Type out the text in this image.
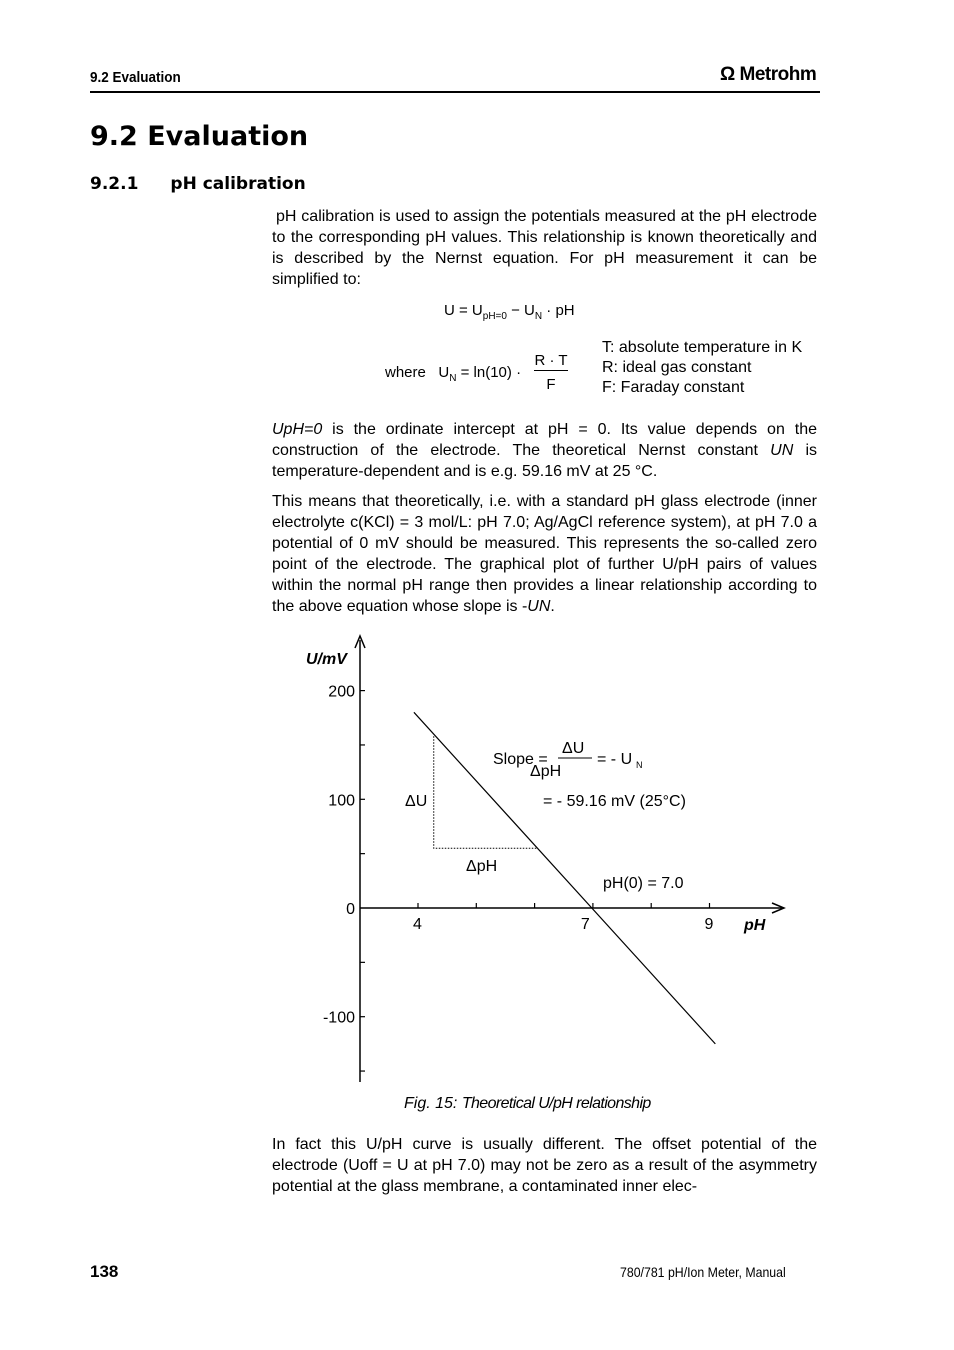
9.2 Evaluation	Ω Metrohm
9.2 Evaluation
9.2.1 pH calibration
pH calibration is used to assign the potentials measured at the pH electrode to the corresponding pH values. This relationship is known theoretically and is described by the Nernst equation. For pH measurement it can be simplified to:
$U = U_{pH=0} - U_N$ · pH
where $U_N = \ln(10)$ ·
R · T
F
T: absolute temperature in K
R: ideal gas constant
F: Faraday constant
UpH=0 is the ordinate intercept at pH = 0. Its value depends on the construction of the electrode. The theoretical Nernst constant UN is temperature-dependent and is e.g. 59.16 mV at 25 °C.
This means that theoretically, i.e. with a standard pH glass electrode (inner electrolyte c(KCl) = 3 mol/L: pH 7.0; Ag/AgCl reference system), at pH 7.0 a potential of 0 mV should be measured. This represents the so-called zero point of the electrode. The graphical plot of further U/pH pairs of values within the normal pH range then provides a linear relationship according to the above equation whose slope is -UN.
U/mV
pH
4	7	9
200
100
0
-100
ΔU
ΔpH
Slope =
ΔU
ΔpH
= - U N
= - 59.16 mV (25°C)
pH(0) = 7.0
Fig. 15: Theoretical U/pH relationship
In fact this U/pH curve is usually different. The offset potential of the electrode (Uoff = U at pH 7.0) may not be zero as a result of the asymmetry potential at the glass membrane, a contaminated inner elec-
138	780/781 pH/Ion Meter, Manual
